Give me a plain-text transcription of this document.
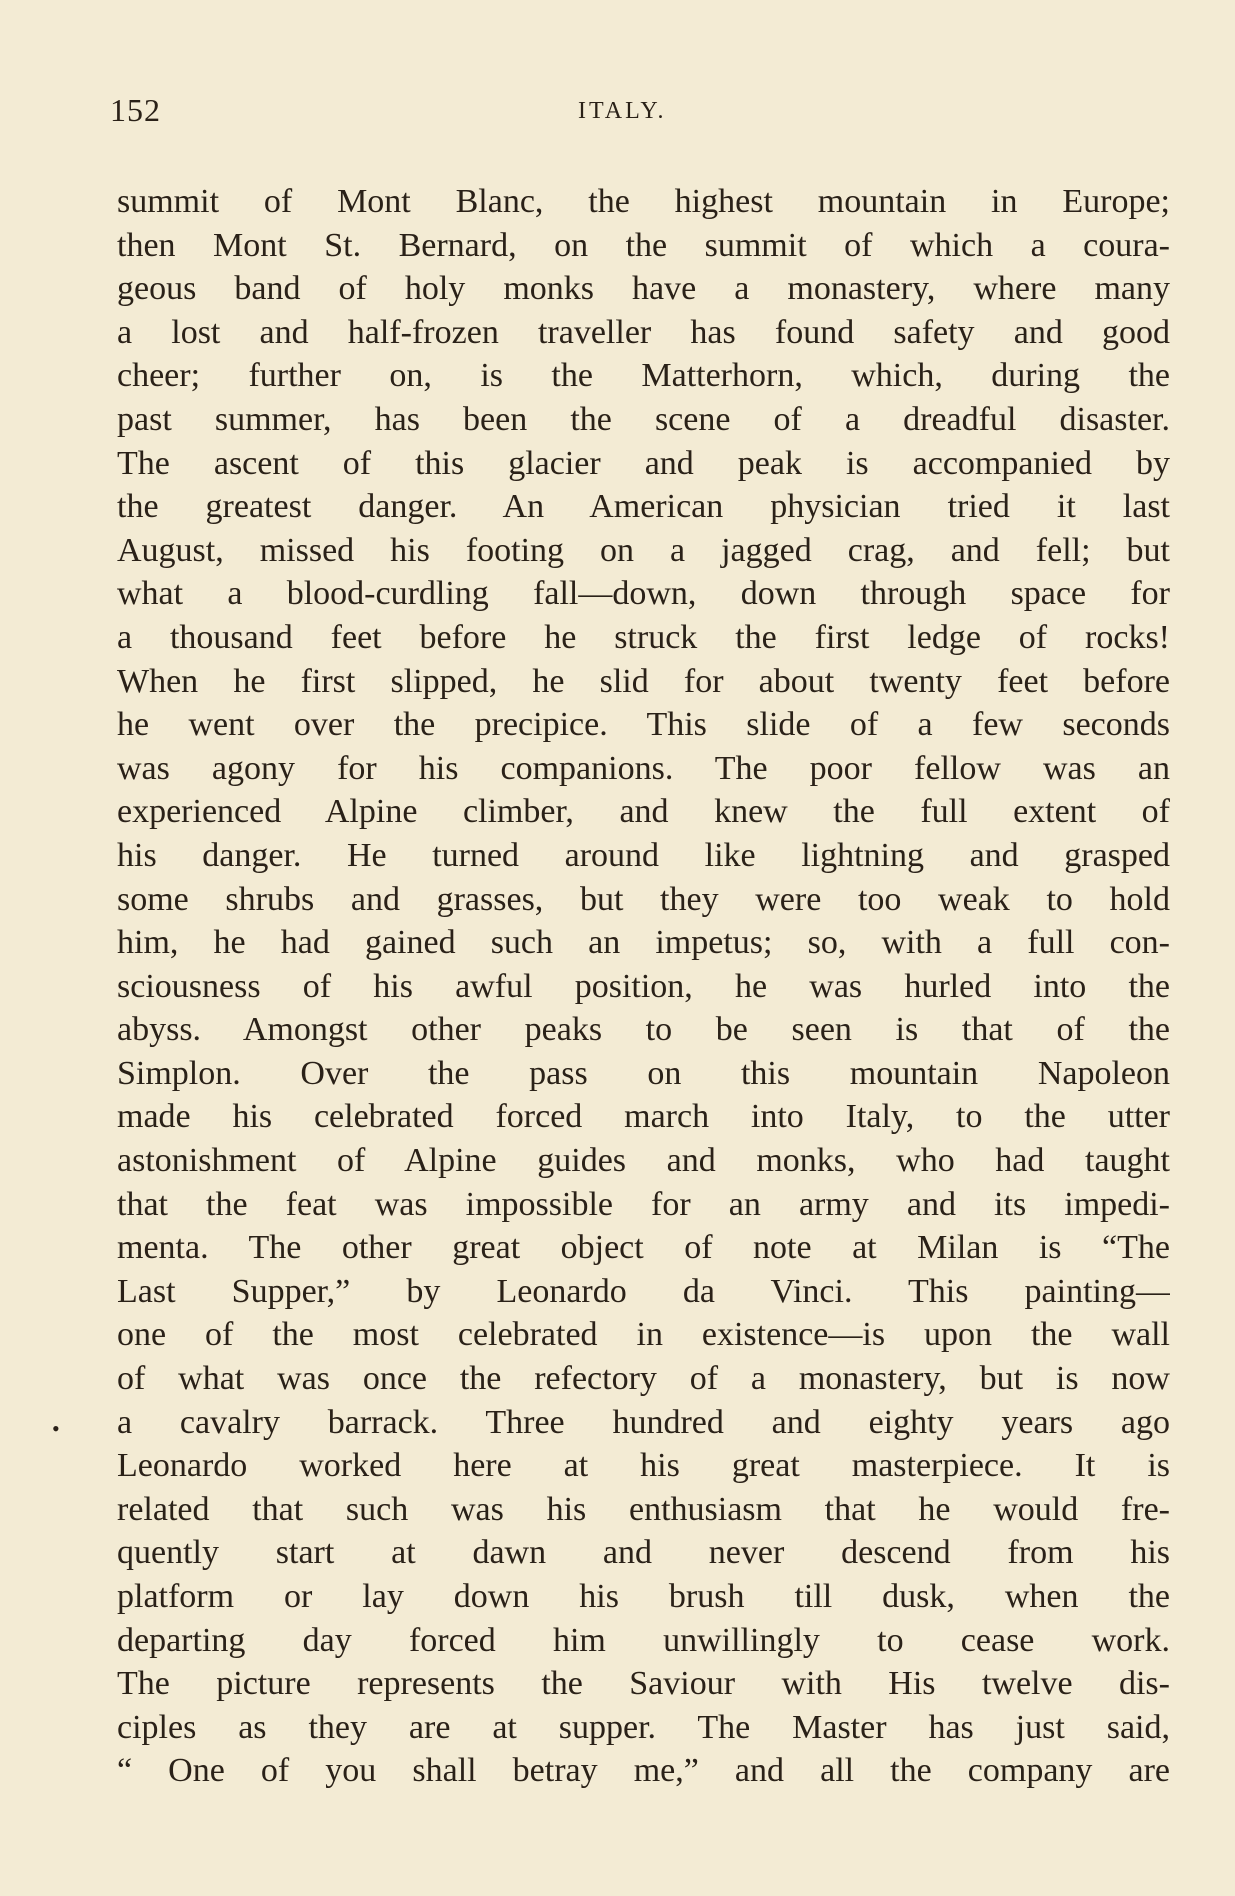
152	ITALY.
•
summit of Mont Blanc, the highest mountain in Europe;
then Mont St. Bernard, on the summit of which a coura-
geous band of holy monks have a monastery, where many
a lost and half-frozen traveller has found safety and good
cheer; further on, is the Matterhorn, which, during the
past summer, has been the scene of a dreadful disaster.
The ascent of this glacier and peak is accompanied by
the greatest danger. An American physician tried it last
August, missed his footing on a jagged crag, and fell; but
what a blood-curdling fall—down, down through space for
a thousand feet before he struck the first ledge of rocks!
When he first slipped, he slid for about twenty feet before
he went over the precipice. This slide of a few seconds
was agony for his companions. The poor fellow was an
experienced Alpine climber, and knew the full extent of
his danger. He turned around like lightning and grasped
some shrubs and grasses, but they were too weak to hold
him, he had gained such an impetus; so, with a full con-
sciousness of his awful position, he was hurled into the
abyss. Amongst other peaks to be seen is that of the
Simplon. Over the pass on this mountain Napoleon
made his celebrated forced march into Italy, to the utter
astonishment of Alpine guides and monks, who had taught
that the feat was impossible for an army and its impedi-
menta. The other great object of note at Milan is “The
Last Supper,” by Leonardo da Vinci. This painting—
one of the most celebrated in existence—is upon the wall
of what was once the refectory of a monastery, but is now
a cavalry barrack. Three hundred and eighty years ago
Leonardo worked here at his great masterpiece. It is
related that such was his enthusiasm that he would fre-
quently start at dawn and never descend from his
platform or lay down his brush till dusk, when the
departing day forced him unwillingly to cease work.
The picture represents the Saviour with His twelve dis-
ciples as they are at supper. The Master has just said,
“ One of you shall betray me,” and all the company are
